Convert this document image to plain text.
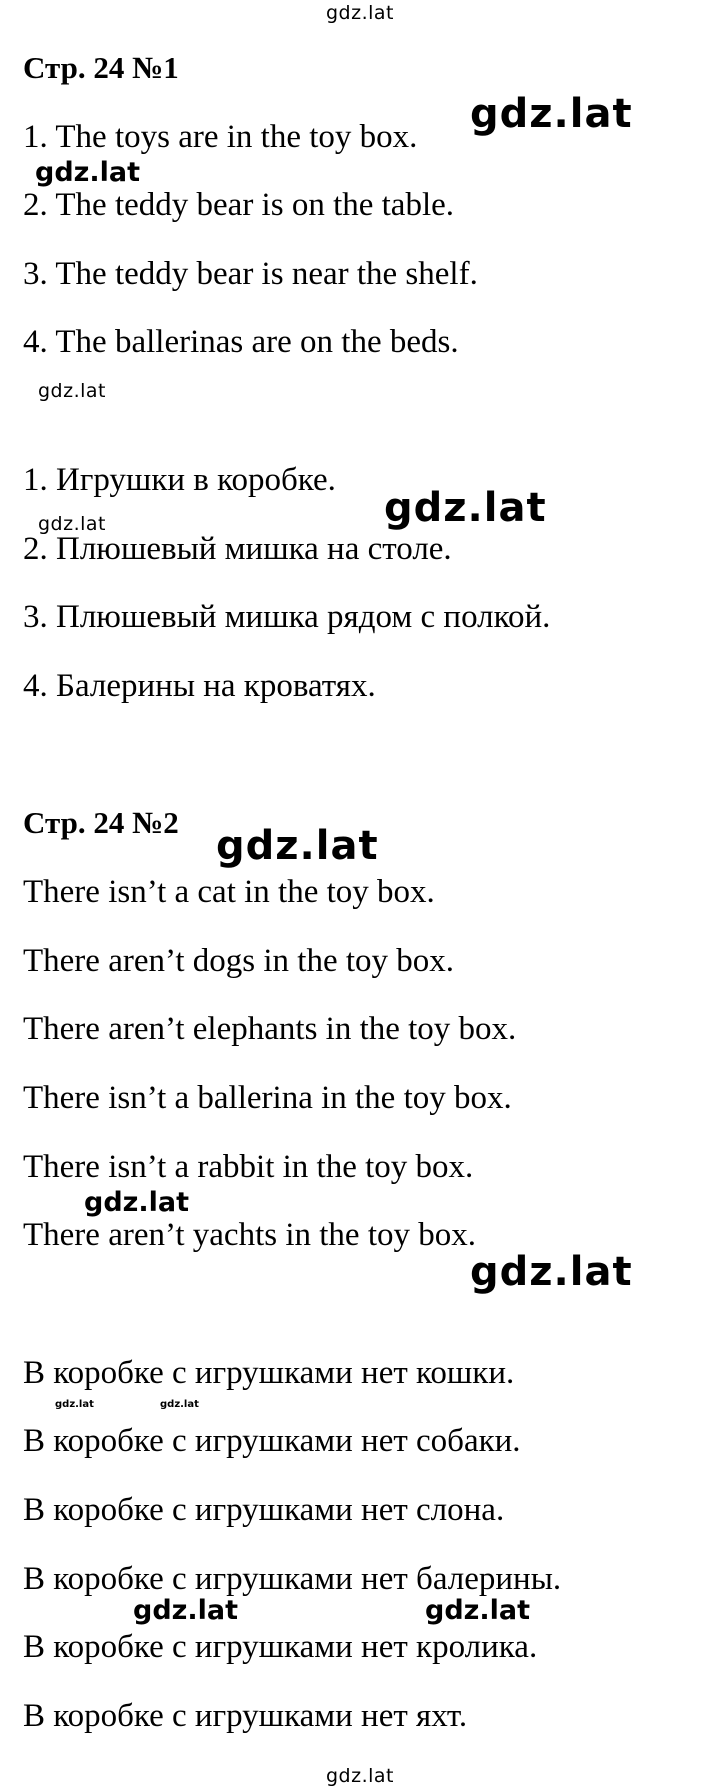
Стр. 24 №1
1. The toys are in the toy box.
2. The teddy bear is on the table.
3. The teddy bear is near the shelf.
4. The ballerinas are on the beds.
1. Игрушки в коробке.
2. Плюшевый мишка на столе.
3. Плюшевый мишка рядом с полкой.
4. Балерины на кроватях.
Стр. 24 №2
There isn’t a cat in the toy box.
There aren’t dogs in the toy box.
There aren’t elephants in the toy box.
There isn’t a ballerina in the toy box.
There isn’t a rabbit in the toy box.
There aren’t yachts in the toy box.
В коробке с игрушками нет кошки.
В коробке с игрушками нет собаки.
В коробке с игрушками нет слона.
В коробке с игрушками нет балерины.
В коробке с игрушками нет кролика.
В коробке с игрушками нет яхт.
gdz.lat
gdz.lat
gdz.lat
gdz.lat
gdz.lat
gdz.lat
gdz.lat
gdz.lat
gdz.lat
gdz.lat	gdz.lat
gdz.lat	gdz.lat
gdz.lat
